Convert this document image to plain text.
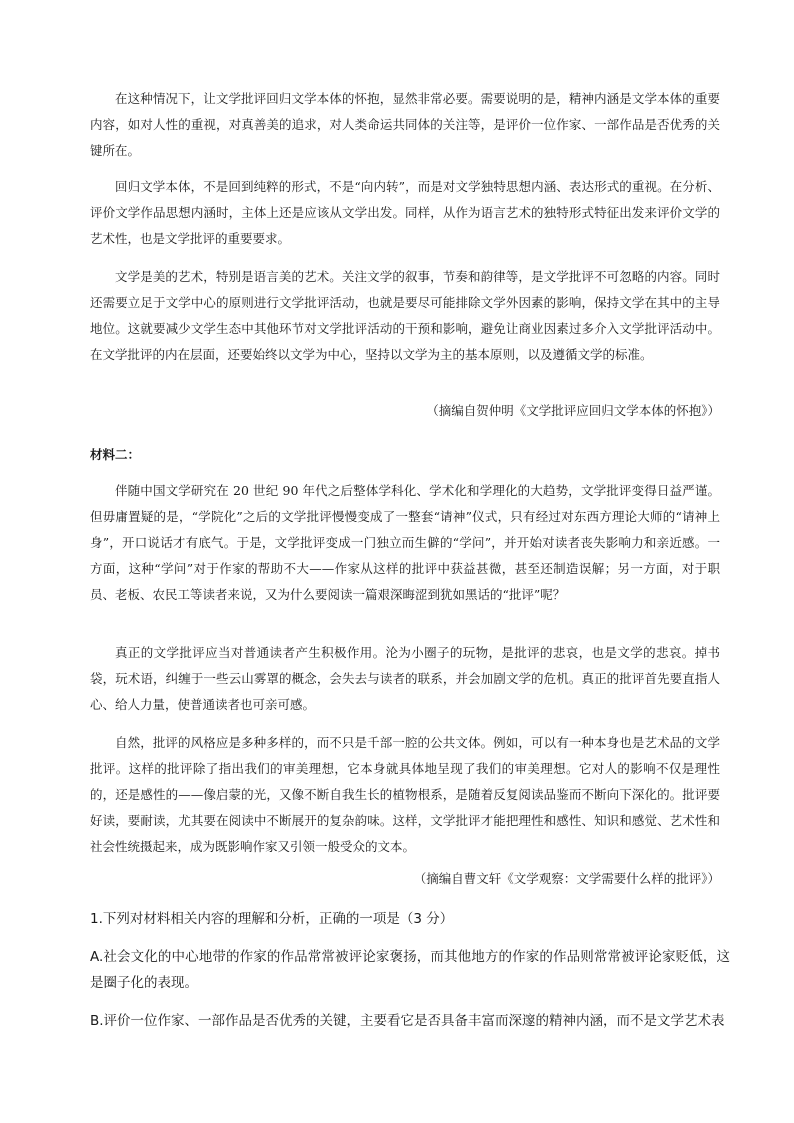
在这种情况下，让文学批评回归文学本体的怀抱，显然非常必要。需要说明的是，精神内涵是文学本体的重要内容，如对人性的重视，对真善美的追求，对人类命运共同体的关注等，是评价一位作家、一部作品是否优秀的关键所在。

回归文学本体，不是回到纯粹的形式，不是“向内转”，而是对文学独特思想内涵、表达形式的重视。在分析、评价文学作品思想内涵时，主体上还是应该从文学出发。同样，从作为语言艺术的独特形式特征出发来评价文学的艺术性，也是文学批评的重要要求。

文学是美的艺术，特别是语言美的艺术。关注文学的叙事，节奏和韵律等，是文学批评不可忽略的内容。同时还需要立足于文学中心的原则进行文学批评活动，也就是要尽可能排除文学外因素的影响，保持文学在其中的主导地位。这就要减少文学生态中其他环节对文学批评活动的干预和影响，避免让商业因素过多介入文学批评活动中。在文学批评的内在层面，还要始终以文学为中心，坚持以文学为主的基本原则，以及遵循文学的标准。

（摘编自贺仲明《文学批评应回归文学本体的怀抱》）

材料二：

伴随中国文学研究在 20 世纪 90 年代之后整体学科化、学术化和学理化的大趋势，文学批评变得日益严谨。但毋庸置疑的是，“学院化”之后的文学批评慢慢变成了一整套“请神”仪式，只有经过对东西方理论大师的“请神上身”，开口说话才有底气。于是，文学批评变成一门独立而生僻的“学问”，并开始对读者丧失影响力和亲近感。一方面，这种“学问”对于作家的帮助不大——作家从这样的批评中获益甚微，甚至还制造误解；另一方面，对于职员、老板、农民工等读者来说，又为什么要阅读一篇艰深晦涩到犹如黑话的“批评”呢？

真正的文学批评应当对普通读者产生积极作用。沦为小圈子的玩物，是批评的悲哀，也是文学的悲哀。掉书袋，玩术语，纠缠于一些云山雾罩的概念，会失去与读者的联系，并会加剧文学的危机。真正的批评首先要直指人心、给人力量，使普通读者也可亲可感。

自然，批评的风格应是多种多样的，而不只是千部一腔的公共文体。例如，可以有一种本身也是艺术品的文学批评。这样的批评除了指出我们的审美理想，它本身就具体地呈现了我们的审美理想。它对人的影响不仅是理性的，还是感性的——像启蒙的光，又像不断自我生长的植物根系，是随着反复阅读品鉴而不断向下深化的。批评要好读，要耐读，尤其要在阅读中不断展开的复杂韵味。这样，文学批评才能把理性和感性、知识和感觉、艺术性和社会性统摄起来，成为既影响作家又引领一般受众的文本。

（摘编自曹文轩《文学观察：文学需要什么样的批评》）

1.下列对材料相关内容的理解和分析，正确的一项是（3 分）

A.社会文化的中心地带的作家的作品常常被评论家褒扬，而其他地方的作家的作品则常常被评论家贬低，这是圈子化的表现。

B.评价一位作家、一部作品是否优秀的关键，主要看它是否具备丰富而深邃的精神内涵，而不是文学艺术表
